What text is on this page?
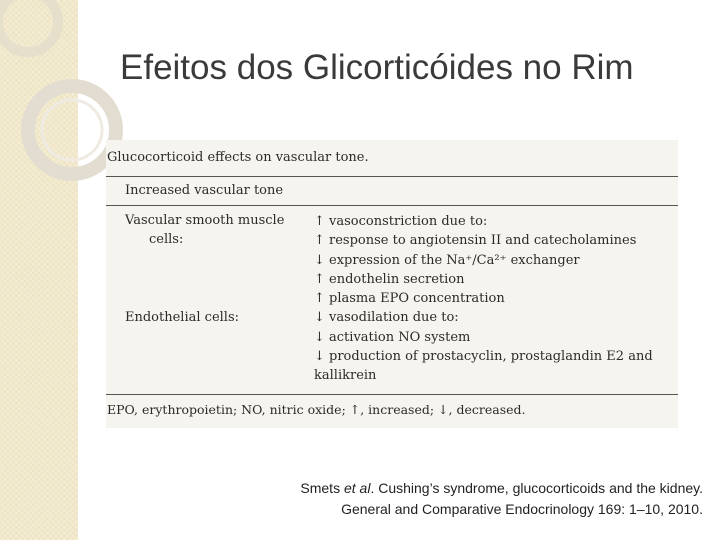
Efeitos dos Glicorticóides no Rim
Glucocorticoid effects on vascular tone.
Increased vascular tone
Vascular smooth muscle
cells:
Endothelial cells:
↑ vasoconstriction due to:
↑ response to angiotensin II and catecholamines
↓ expression of the Na⁺/Ca²⁺ exchanger
↑ endothelin secretion
↑ plasma EPO concentration
↓ vasodilation due to:
↓ activation NO system
↓ production of prostacyclin, prostaglandin E2 and
kallikrein
EPO, erythropoietin; NO, nitric oxide; ↑, increased; ↓, decreased.
Smets et al. Cushing’s syndrome, glucocorticoids and the kidney.
General and Comparative Endocrinology 169: 1–10, 2010.
